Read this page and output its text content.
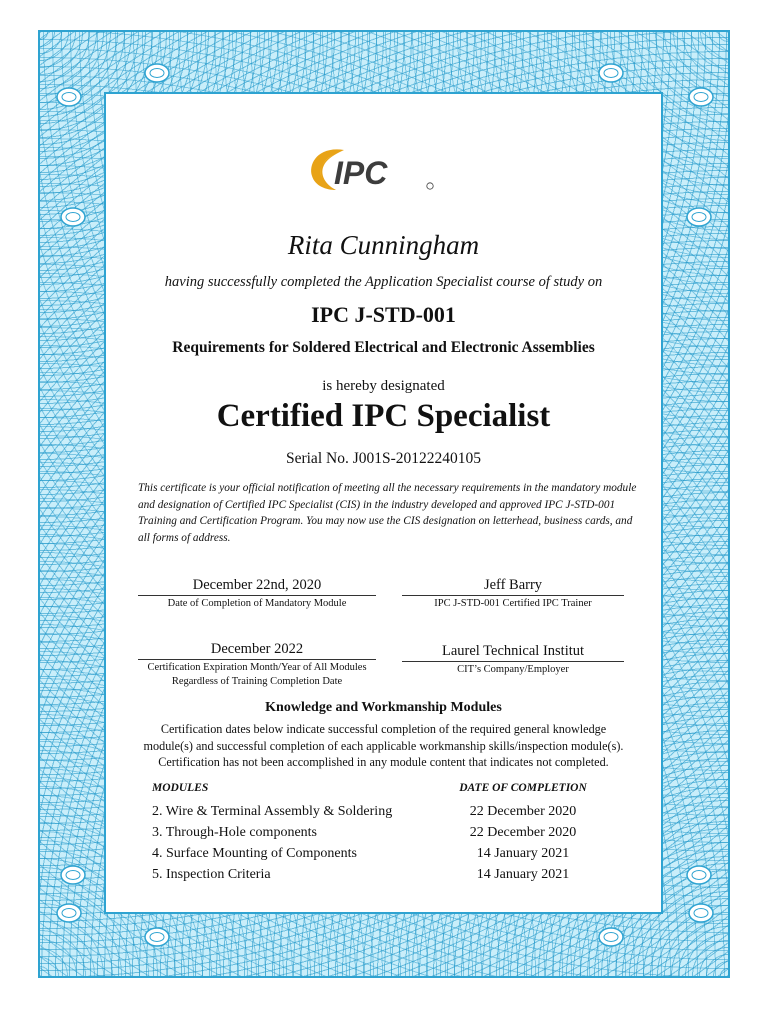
IPC
Rita Cunningham
having successfully completed the Application Specialist course of study on
IPC J-STD-001
Requirements for Soldered Electrical and Electronic Assemblies
is hereby designated
Certified IPC Specialist
Serial No. J001S-20122240105
This certificate is your official notification of meeting all the necessary requirements in the mandatory module and designation of Certified IPC Specialist (CIS) in the industry developed and approved IPC J-STD-001 Training and Certification Program. You may now use the CIS designation on letterhead, business cards, and all forms of address.
December 22nd, 2020
Date of Completion of Mandatory Module
Jeff Barry
IPC J-STD-001 Certified IPC Trainer
December 2022
Certification Expiration Month/Year of All Modules
Regardless of Training Completion Date
Laurel Technical Institut
CIT’s Company/Employer
Knowledge and Workmanship Modules
Certification dates below indicate successful completion of the required general knowledge
module(s) and successful completion of each applicable workmanship skills/inspection module(s).
Certification has not been accomplished in any module content that indicates not completed.
MODULES	DATE OF COMPLETION
2. Wire & Terminal Assembly & Soldering	22 December 2020
3. Through-Hole components	22 December 2020
4. Surface Mounting of Components	14 January 2021
5. Inspection Criteria	14 January 2021
